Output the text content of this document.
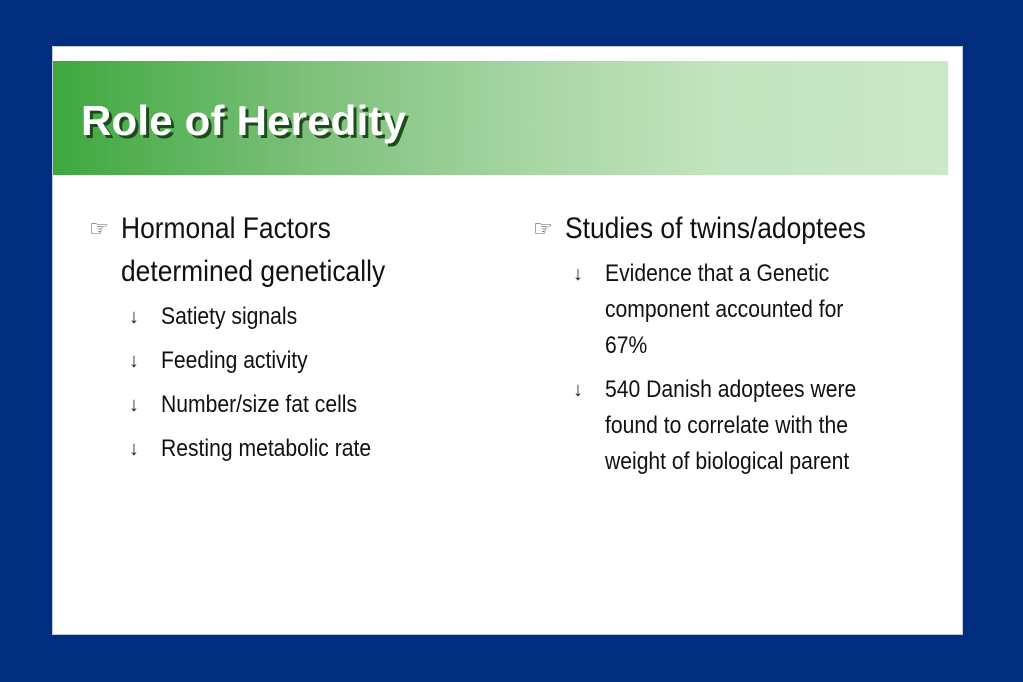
Role of Heredity
☞ Hormonal Factors
determined genetically
↓ Satiety signals
↓ Feeding activity
↓ Number/size fat cells
↓ Resting metabolic rate
☞ Studies of twins/adoptees
↓ Evidence that a Genetic
component accounted for
67%
↓ 540 Danish adoptees were
found to correlate with the
weight of biological parent
